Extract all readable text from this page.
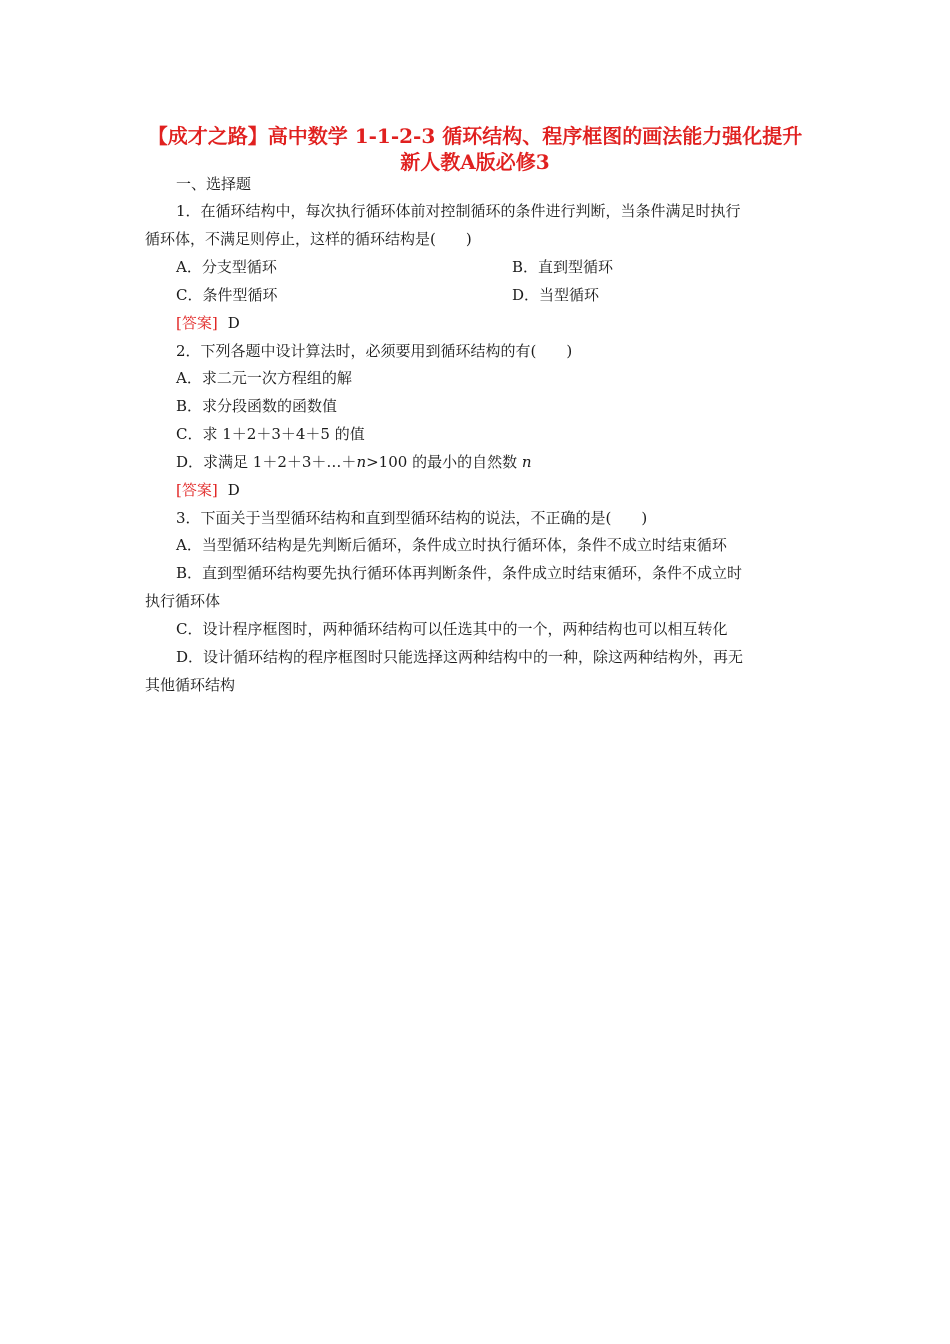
【成才之路】高中数学 1-1-2-3 循环结构、程序框图的画法能力强化提升
新人教A版必修3
一、选择题
1．在循环结构中，每次执行循环体前对控制循环的条件进行判断，当条件满足时执行
循环体，不满足则停止，这样的循环结构是(　　)
A．分支型循环	B．直到型循环
C．条件型循环	D．当型循环
[答案] D
2．下列各题中设计算法时，必须要用到循环结构的有(　　)
A．求二元一次方程组的解
B．求分段函数的函数值
C．求 1＋2＋3＋4＋5 的值
D．求满足 1＋2＋3＋…＋n>100 的最小的自然数 n
[答案] D
3．下面关于当型循环结构和直到型循环结构的说法，不正确的是(　　)
A．当型循环结构是先判断后循环，条件成立时执行循环体，条件不成立时结束循环
B．直到型循环结构要先执行循环体再判断条件，条件成立时结束循环，条件不成立时
执行循环体
C．设计程序框图时，两种循环结构可以任选其中的一个，两种结构也可以相互转化
D．设计循环结构的程序框图时只能选择这两种结构中的一种，除这两种结构外，再无
其他循环结构
